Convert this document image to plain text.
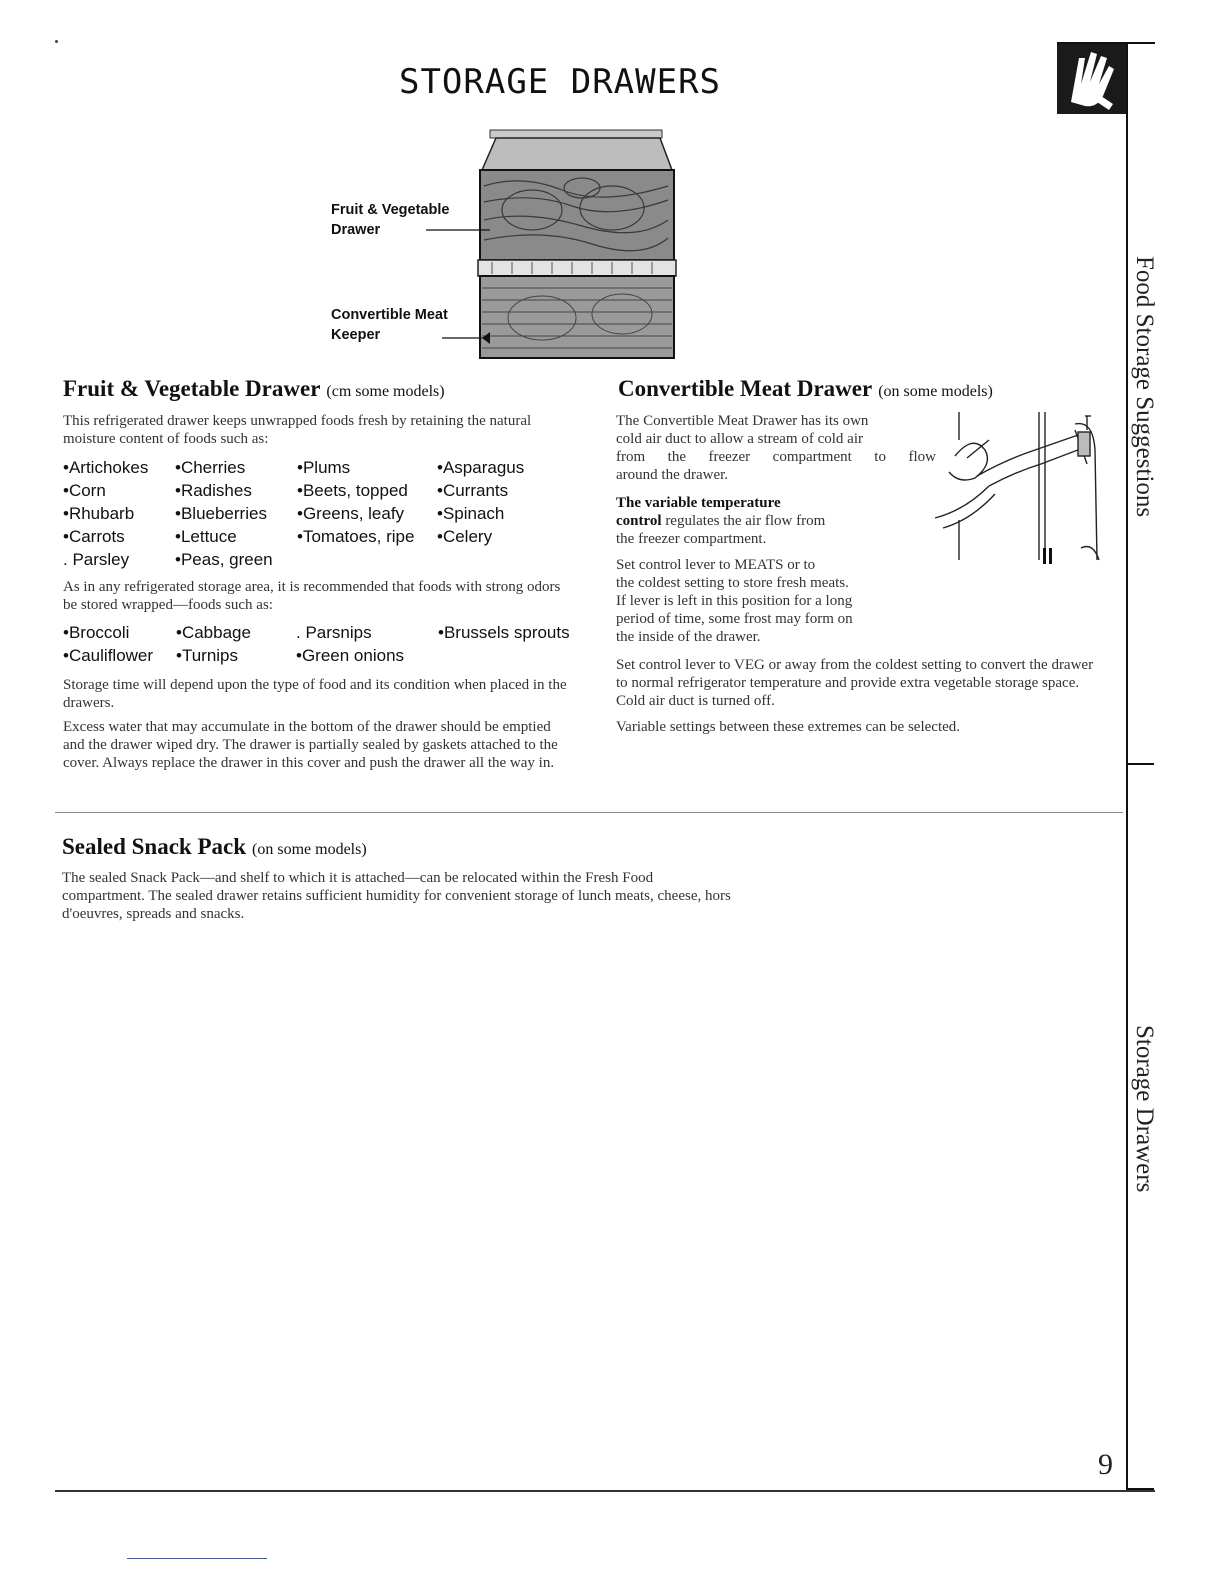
STORAGE DRAWERS
Food Storage Suggestions
Storage Drawers
Fruit & Vegetable Drawer
Convertible Meat Keeper
Fruit & Vegetable Drawer (cm some models)

This refrigerated drawer keeps unwrapped foods fresh by retaining the natural moisture content of foods such as:

•Artichokes	•Cherries	•Plums	•Asparagus
•Corn	•Radishes	•Beets, topped	•Currants
•Rhubarb	•Blueberries	•Greens, leafy	•Spinach
•Carrots	•Lettuce	•Tomatoes, ripe	•Celery
. Parsley	•Peas, green

As in any refrigerated storage area, it is recommended that foods with strong odors be stored wrapped—foods such as:

•Broccoli	•Cabbage	. Parsnips	•Brussels sprouts
•Cauliflower	•Turnips	•Green onions

Storage time will depend upon the type of food and its condition when placed in the drawers.

Excess water that may accumulate in the bottom of the drawer should be emptied and the drawer wiped dry. The drawer is partially sealed by gaskets attached to the cover. Always replace the drawer in this cover and push the drawer all the way in.

Convertible Meat Drawer (on some models)
The Convertible Meat Drawer has its own
cold air duct to allow a stream of cold air
from the freezer compartment to flow
around the drawer.
The variable temperature
control regulates the air flow from
the freezer compartment.
Set control lever to MEATS or to
the coldest setting to store fresh meats.
If lever is left in this position for a long
period of time, some frost may form on
the inside of the drawer.

Set control lever to VEG or away from the coldest setting to convert the drawer to normal refrigerator temperature and provide extra vegetable storage space. Cold air duct is turned off.

Variable settings between these extremes can be selected.

Sealed Snack Pack (on some models)

The sealed Snack Pack—and shelf to which it is attached—can be relocated within the Fresh Food compartment. The sealed drawer retains sufficient humidity for convenient storage of lunch meats, cheese, hors d'oeuvres, spreads and snacks.

9
